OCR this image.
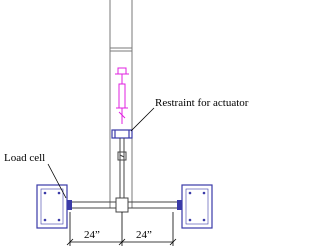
Restraint for actuator
Load cell
24”	24”
